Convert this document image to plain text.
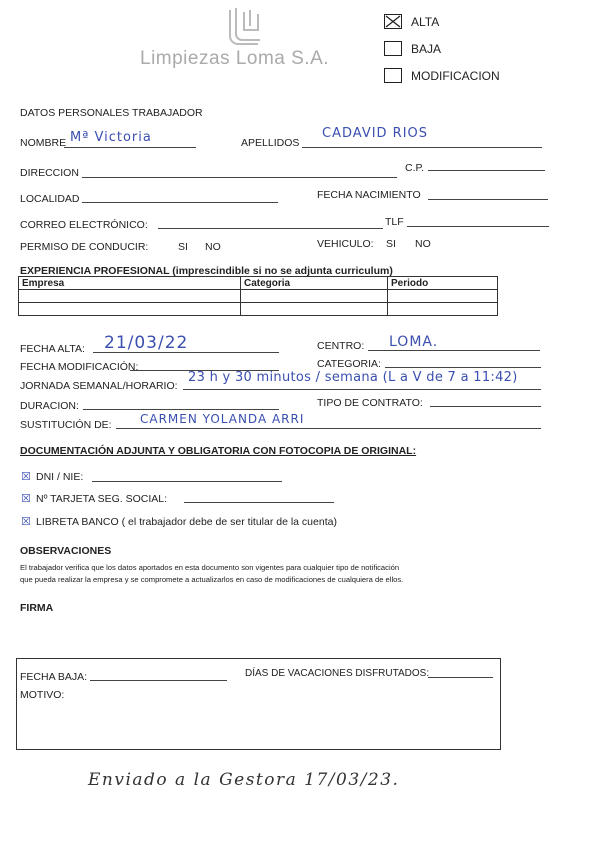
Limpiezas Loma S.A.
ALTA
BAJA
MODIFICACION
DATOS PERSONALES TRABAJADOR
NOMBRE Mª Victoria	APELLIDOS
CADAVID RIOS
DIRECCION	C.P.
LOCALIDAD	FECHA NACIMIENTO
CORREO ELECTRÓNICO:	TLF
PERMISO DE CONDUCIR:	SI NO	VEHICULO: SI NO
EXPERIENCIA PROFESIONAL (imprescindible si no se adjunta curriculum)
Empresa	Categoria	Periodo

FECHA ALTA: 21/03/22	CENTRO: LOMA.
FECHA MODIFICACIÓN:	CATEGORIA:
JORNADA SEMANAL/HORARIO:
23 h y 30 minutos / semana (L a V de 7 a 11:42)
DURACION:	TIPO DE CONTRATO:
SUSTITUCIÓN DE: CARMEN YOLANDA ARRI
DOCUMENTACIÓN ADJUNTA Y OBLIGATORIA CON FOTOCOPIA DE ORIGINAL:
☒ DNI / NIE:
☒ Nº TARJETA SEG. SOCIAL:
☒ LIBRETA BANCO ( el trabajador debe de ser titular de la cuenta)
OBSERVACIONES
El trabajador verifica que los datos aportados en esta documento son vigentes para cualquier tipo de notificación
que pueda realizar la empresa y se compromete a actualizarlos en caso de modificaciones de cualquiera de ellos.
FIRMA
FECHA BAJA:	DÍAS DE VACACIONES DISFRUTADOS:
MOTIVO:
Enviado a la Gestora 17/03/23.
